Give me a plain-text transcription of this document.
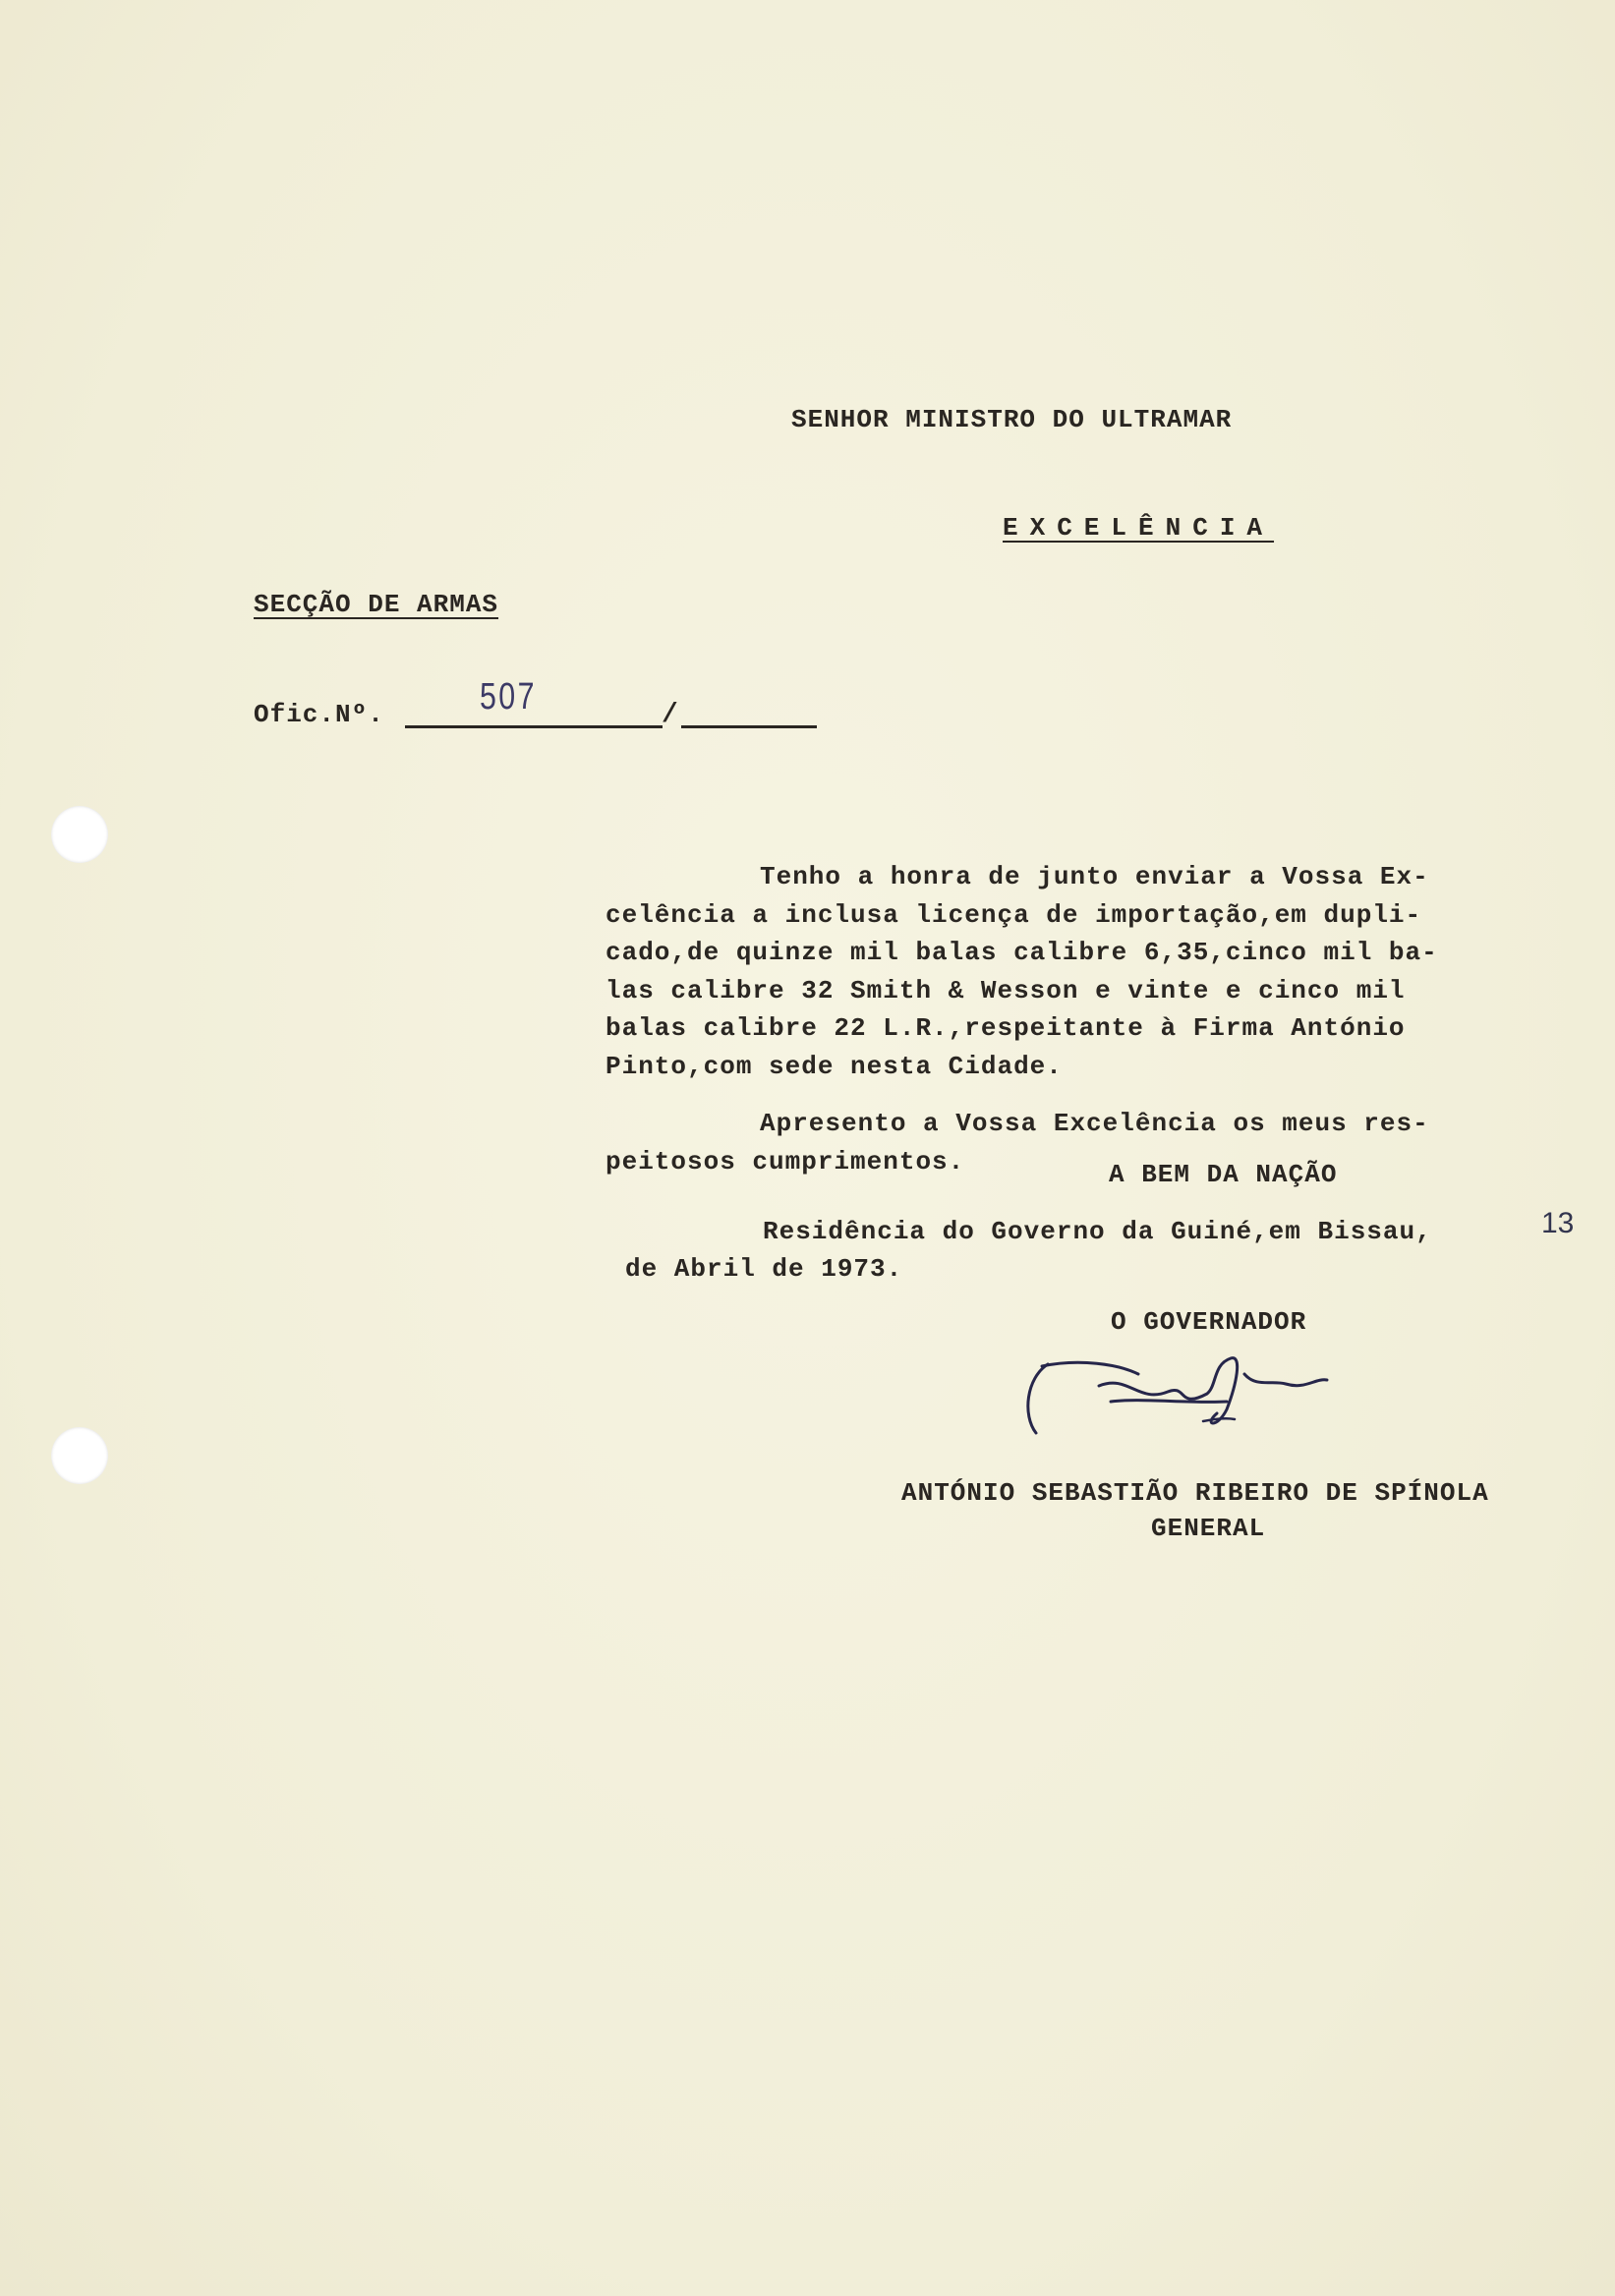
SENHOR MINISTRO DO ULTRAMAR
EXCELÊNCIA
SECÇÃO DE ARMAS
Ofic.Nº.	507	/

Tenho a honra de junto enviar a Vossa Ex-

celência a inclusa licença de importação,em dupli-

cado,de quinze mil balas calibre 6,35,cinco mil ba-

las calibre 32 Smith & Wesson e vinte e cinco mil

balas calibre 22 L.R.,respeitante à Firma António

Pinto,com sede nesta Cidade.

Apresento a Vossa Excelência os meus res-

peitosos cumprimentos.	A BEM DA NAÇÃO
Residência do Governo da Guiné,em Bissau,	13
de Abril de 1973.
O GOVERNADOR
ANTÓNIO SEBASTIÃO RIBEIRO DE SPÍNOLA
GENERAL
